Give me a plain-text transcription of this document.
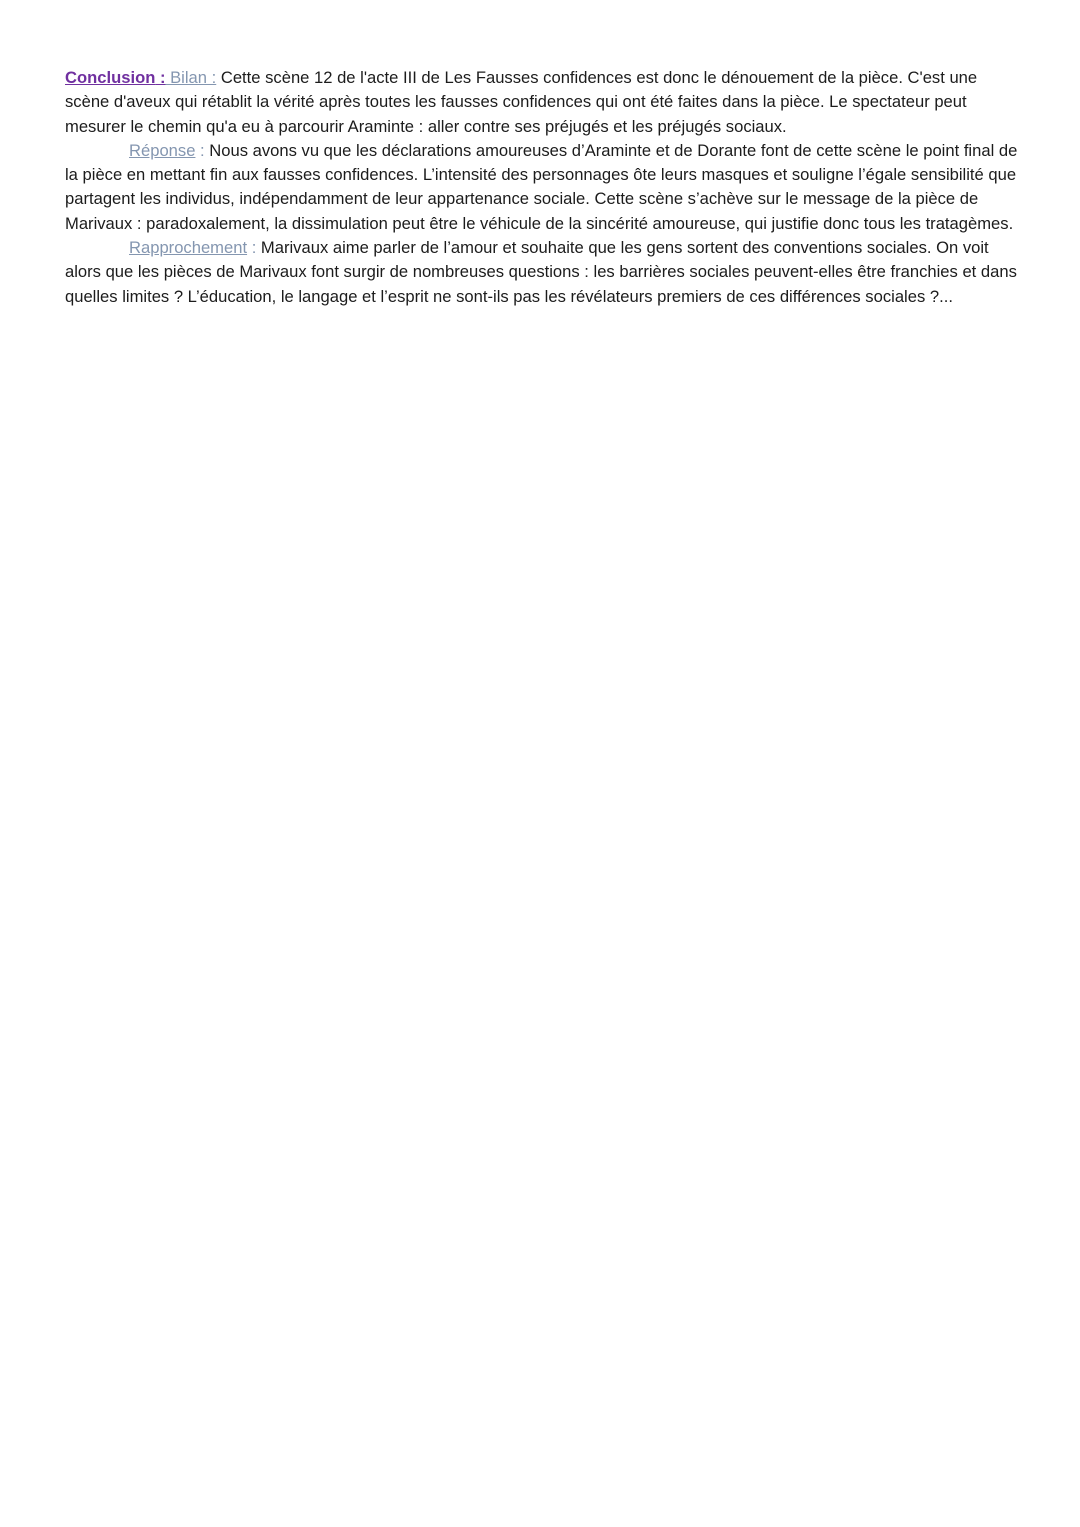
Conclusion : Bilan : Cette scène 12 de l'acte III de Les Fausses confidences est donc le dénouement de la pièce. C'est une scène d'aveux qui rétablit la vérité après toutes les fausses confidences qui ont été faites dans la pièce. Le spectateur peut mesurer le chemin qu'a eu à parcourir Araminte : aller contre ses préjugés et les préjugés sociaux.

Réponse : Nous avons vu que les déclarations amoureuses d’Araminte et de Dorante font de cette scène le point final de la pièce en mettant fin aux fausses confidences. L’intensité des personnages ôte leurs masques et souligne l’égale sensibilité que partagent les individus, indépendamment de leur appartenance sociale. Cette scène s’achève sur le message de la pièce de Marivaux : paradoxalement, la dissimulation peut être le véhicule de la sincérité amoureuse, qui justifie donc tous les tratagèmes.

Rapprochement : Marivaux aime parler de l’amour et souhaite que les gens sortent des conventions sociales. On voit alors que les pièces de Marivaux font surgir de nombreuses questions : les barrières sociales peuvent-elles être franchies et dans quelles limites ? L’éducation, le langage et l’esprit ne sont-ils pas les révélateurs premiers de ces différences sociales ?...
